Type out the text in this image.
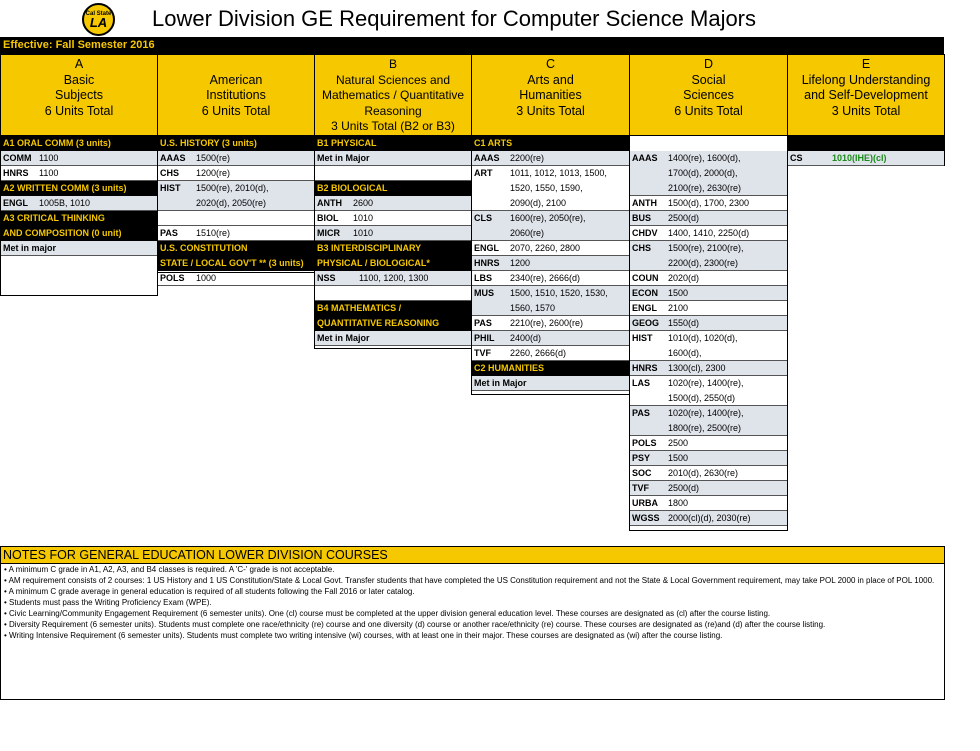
Cal State
LA Lower Division GE Requirement for Computer Science Majors
Effective: Fall Semester 2016
A
Basic
Subjects
6 Units Total
A1 ORAL COMM (3 units)
COMM 1100
HNRS	1100
A2 WRITTEN COMM (3 units)
ENGL	1005B, 1010
A3 CRITICAL THINKING
AND COMPOSITION (0 unit)
Met in major

American
Institutions
6 Units Total
U.S. HISTORY (3 units)
AAAS	1500(re)
CHS	1200(re)
HIST	1500(re), 2010(d),
2020(d), 2050(re)
PAS	1510(re)
U.S. CONSTITUTION
STATE / LOCAL GOV'T ** (3 units)
POLS	1000
B
Natural Sciences and
Mathematics / Quantitative
Reasoning
3 Units Total (B2 or B3)
B1 PHYSICAL
Met in Major
B2 BIOLOGICAL
ANTH	2600
BIOL	1010
MICR	1010
B3 INTERDISCIPLINARY
PHYSICAL / BIOLOGICAL*
NSS	1100, 1200, 1300
B4 MATHEMATICS /
QUANTITATIVE REASONING
Met in Major
C
Arts and
Humanities
3 Units Total
C1 ARTS
AAAS	2200(re)
ART	1011, 1012, 1013, 1500,
1520, 1550, 1590,
2090(d), 2100
CLS	1600(re), 2050(re),
2060(re)
ENGL	2070, 2260, 2800
HNRS	1200
LBS	2340(re), 2666(d)
MUS	1500, 1510, 1520, 1530,
1560, 1570
PAS	2210(re), 2600(re)
PHIL	2400(d)
TVF	2260, 2666(d)
C2 HUMANITIES
Met in Major
D
Social
Sciences
6 Units Total
AAAS	1400(re), 1600(d),
1700(d), 2000(d),
2100(re), 2630(re)
ANTH	1500(d), 1700, 2300
BUS	2500(d)
CHDV	1400, 1410, 2250(d)
CHS	1500(re), 2100(re),
2200(d), 2300(re)
COUN	2020(d)
ECON	1500
ENGL	2100
GEOG 1550(d)
HIST	1010(d), 1020(d),
1600(d),
HNRS	1300(cl), 2300
LAS	1020(re), 1400(re),
1500(d), 2550(d)
PAS	1020(re), 1400(re),
1800(re), 2500(re)
POLS	2500
PSY	1500
SOC	2010(d), 2630(re)
TVF	2500(d)
URBA	1800
WGSS 2000(cl)(d), 2030(re)
E
Lifelong Understanding
and Self-Development
3 Units Total
CS	1010(IHE)(cl)
NOTES FOR GENERAL EDUCATION LOWER DIVISION COURSES
• A minimum C grade in A1, A2, A3, and B4 classes is required. A 'C-' grade is not acceptable.
• AM requirement consists of 2 courses: 1 US History and 1 US Constitution/State & Local Govt. Transfer students that have completed the US Constitution requirement and not the State & Local Government requirement, may take POL 2000 in place of POL 1000.
• A minimum C grade average in general education is required of all students following the Fall 2016 or later catalog.
• Students must pass the Writing Proficiency Exam (WPE).
• Civic Learning/Community Engagement Requirement (6 semester units). One (cl) course must be completed at the upper division general education level. These courses are designated as (cl) after the course listing.
• Diversity Requirement (6 semester units). Students must complete one race/ethnicity (re) course and one diversity (d) course or another race/ethnicity (re) course. These courses are designated as (re)and (d) after the course listing.
• Writing Intensive Requirement (6 semester units). Students must complete two writing intensive (wi) courses, with at least one in their major. These courses are designated as (wi) after the course listing.
